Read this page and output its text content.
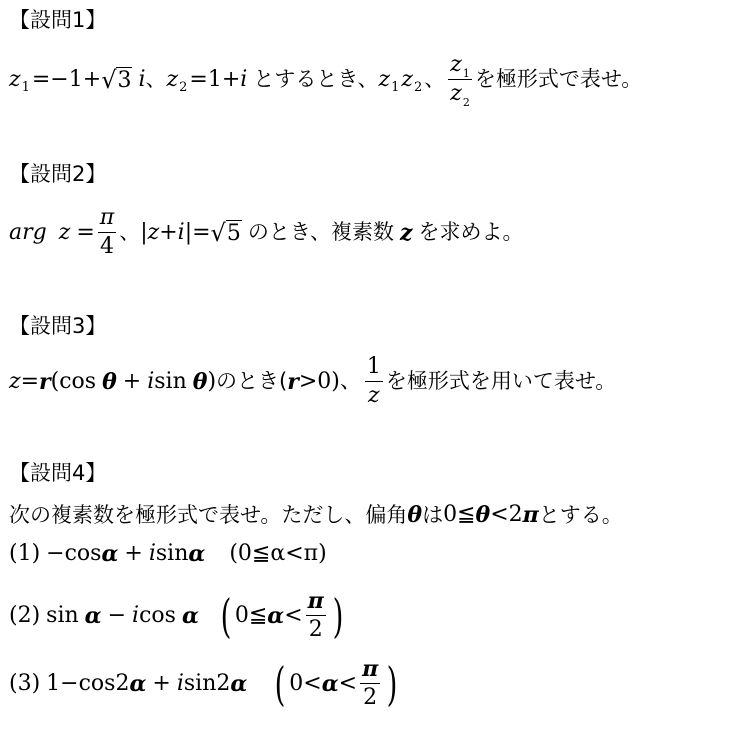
【設問1】
z 1 =−1+ √ 3 i 、 z 2 =1+ i とするとき、 z 1 z 2 、 $\frac{z_1}{z_2}$ を極形式で表せ。
【設問2】
arg $z = \frac{\pi}{4}$ 、 |z+i| = √ 5 のとき、複素数 z を求めよ。
【設問3】
z = r (cos θ + i sin θ ) のとき( r >0)、 $\frac{1}{z}$ を極形式を用いて表せ。
【設問4】
次の複素数を極形式で表せ。ただし、偏角 θ は 0≦ θ <2 π とする。
(1) −cos α + i sin α (0≦α<π)
(2) sin α − i cos α ( 0≦ $\alpha < \frac{\pi}{2}$ )
(3) 1−cos2 α + i sin2 α ( $0< \alpha < \frac{\pi}{2}$ )
